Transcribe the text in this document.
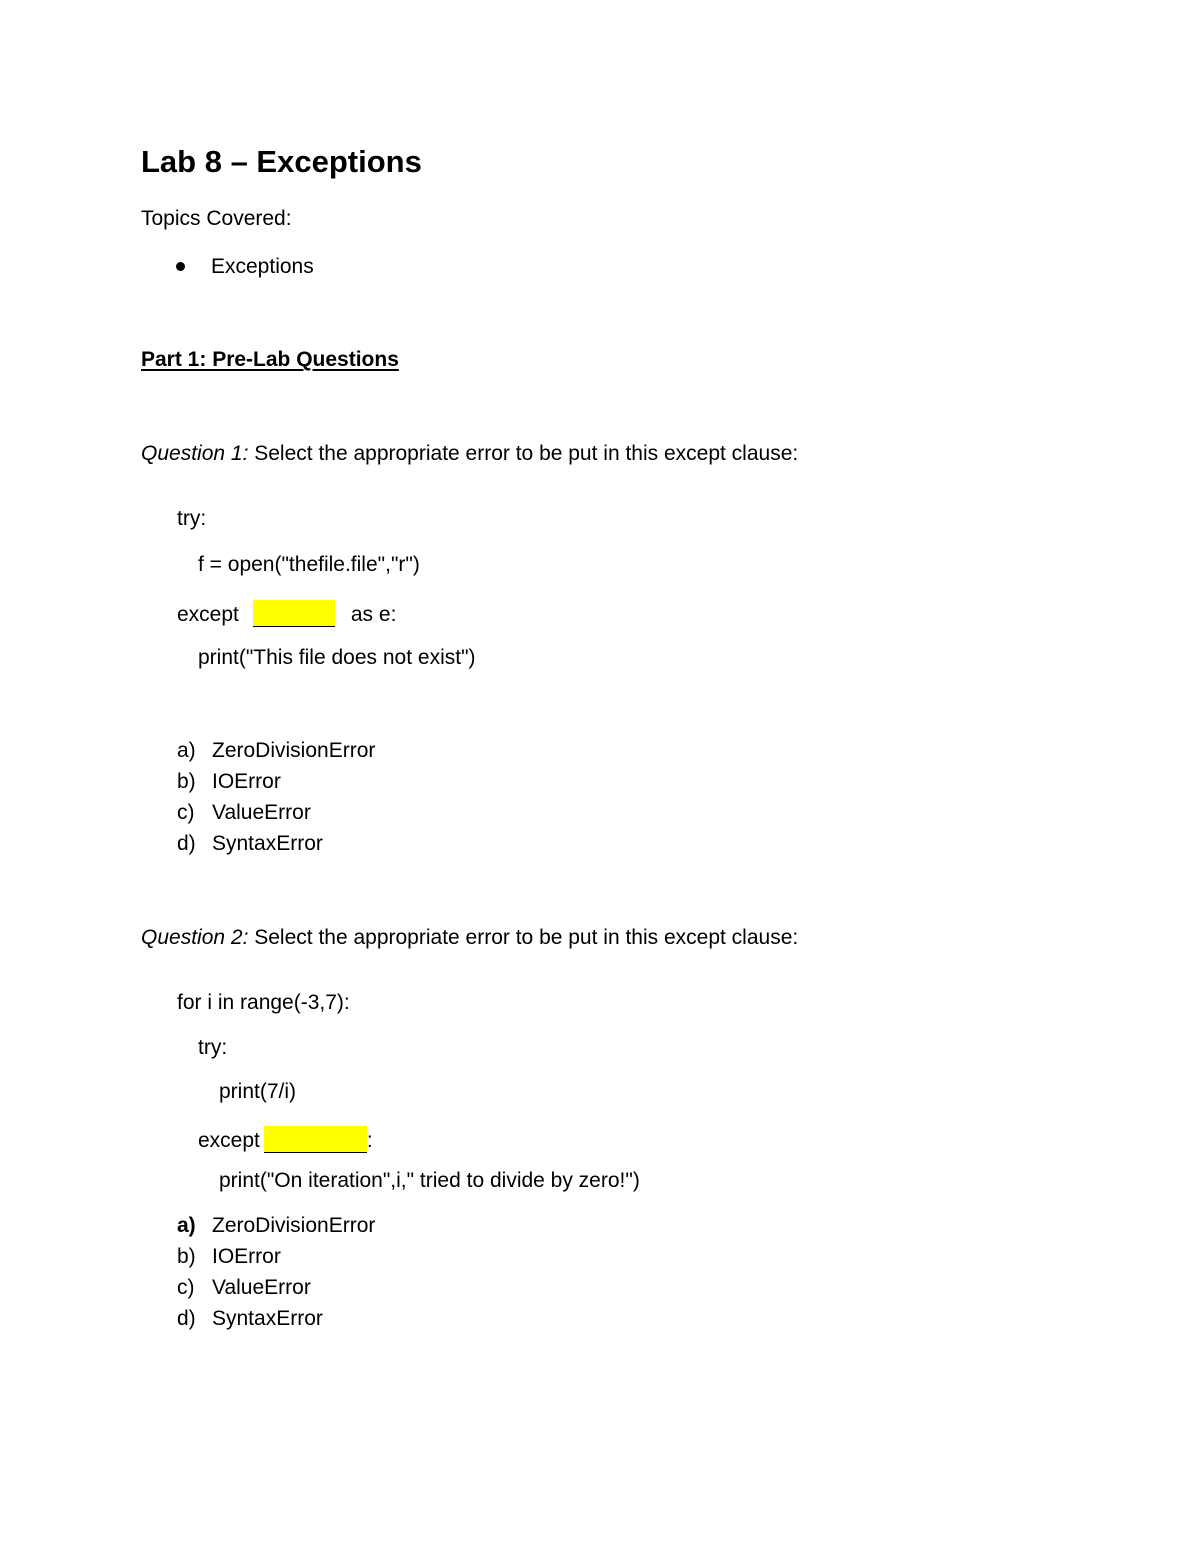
Lab 8 – Exceptions
Topics Covered:
Exceptions
Part 1: Pre-Lab Questions
Question 1: Select the appropriate error to be put in this except clause:
try:
f = open("thefile.file","r")
except	as e:
print("This file does not exist")
a) ZeroDivisionError
b) IOError
c) ValueError
d) SyntaxError
Question 2: Select the appropriate error to be put in this except clause:
for i in range(-3,7):
try:
print(7/i)
except	:
print("On iteration",i," tried to divide by zero!")
a) ZeroDivisionError
b) IOError
c) ValueError
d) SyntaxError
